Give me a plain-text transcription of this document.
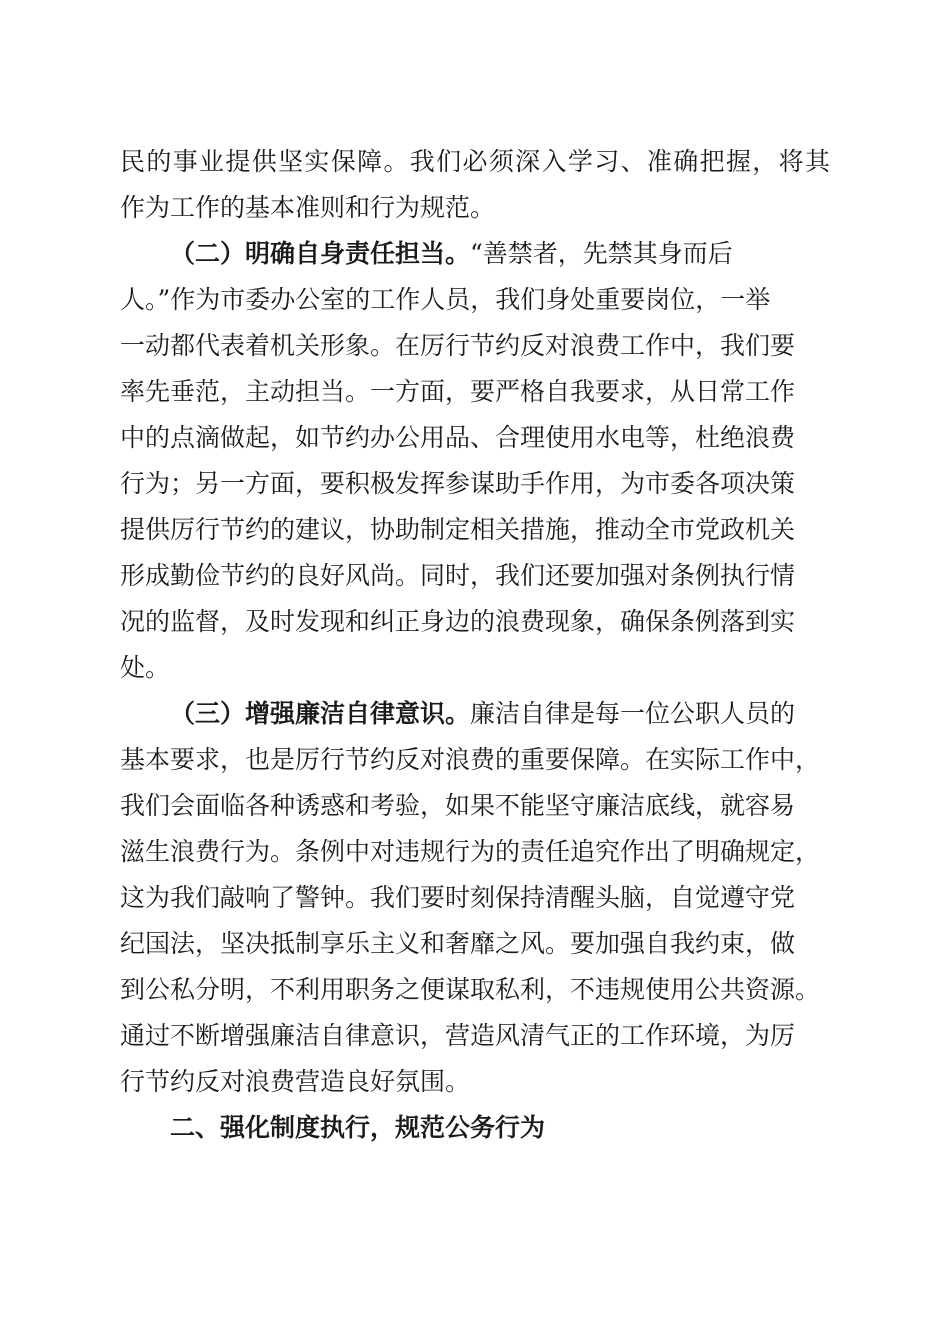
民的事业提供坚实保障。我们必须深入学习、准确把握，将其
作为工作的基本准则和行为规范。
（二）明确自身责任担当。“善禁者，先禁其身而后
人。”作为市委办公室的工作人员，我们身处重要岗位，一举
一动都代表着机关形象。在厉行节约反对浪费工作中，我们要
率先垂范，主动担当。一方面，要严格自我要求，从日常工作
中的点滴做起，如节约办公用品、合理使用水电等，杜绝浪费
行为；另一方面，要积极发挥参谋助手作用，为市委各项决策
提供厉行节约的建议，协助制定相关措施，推动全市党政机关
形成勤俭节约的良好风尚。同时，我们还要加强对条例执行情
况的监督，及时发现和纠正身边的浪费现象，确保条例落到实
处。
（三）增强廉洁自律意识。廉洁自律是每一位公职人员的
基本要求，也是厉行节约反对浪费的重要保障。在实际工作中，
我们会面临各种诱惑和考验，如果不能坚守廉洁底线，就容易
滋生浪费行为。条例中对违规行为的责任追究作出了明确规定，
这为我们敲响了警钟。我们要时刻保持清醒头脑，自觉遵守党
纪国法，坚决抵制享乐主义和奢靡之风。要加强自我约束，做
到公私分明，不利用职务之便谋取私利，不违规使用公共资源。
通过不断增强廉洁自律意识，营造风清气正的工作环境，为厉
行节约反对浪费营造良好氛围。
二、强化制度执行，规范公务行为
